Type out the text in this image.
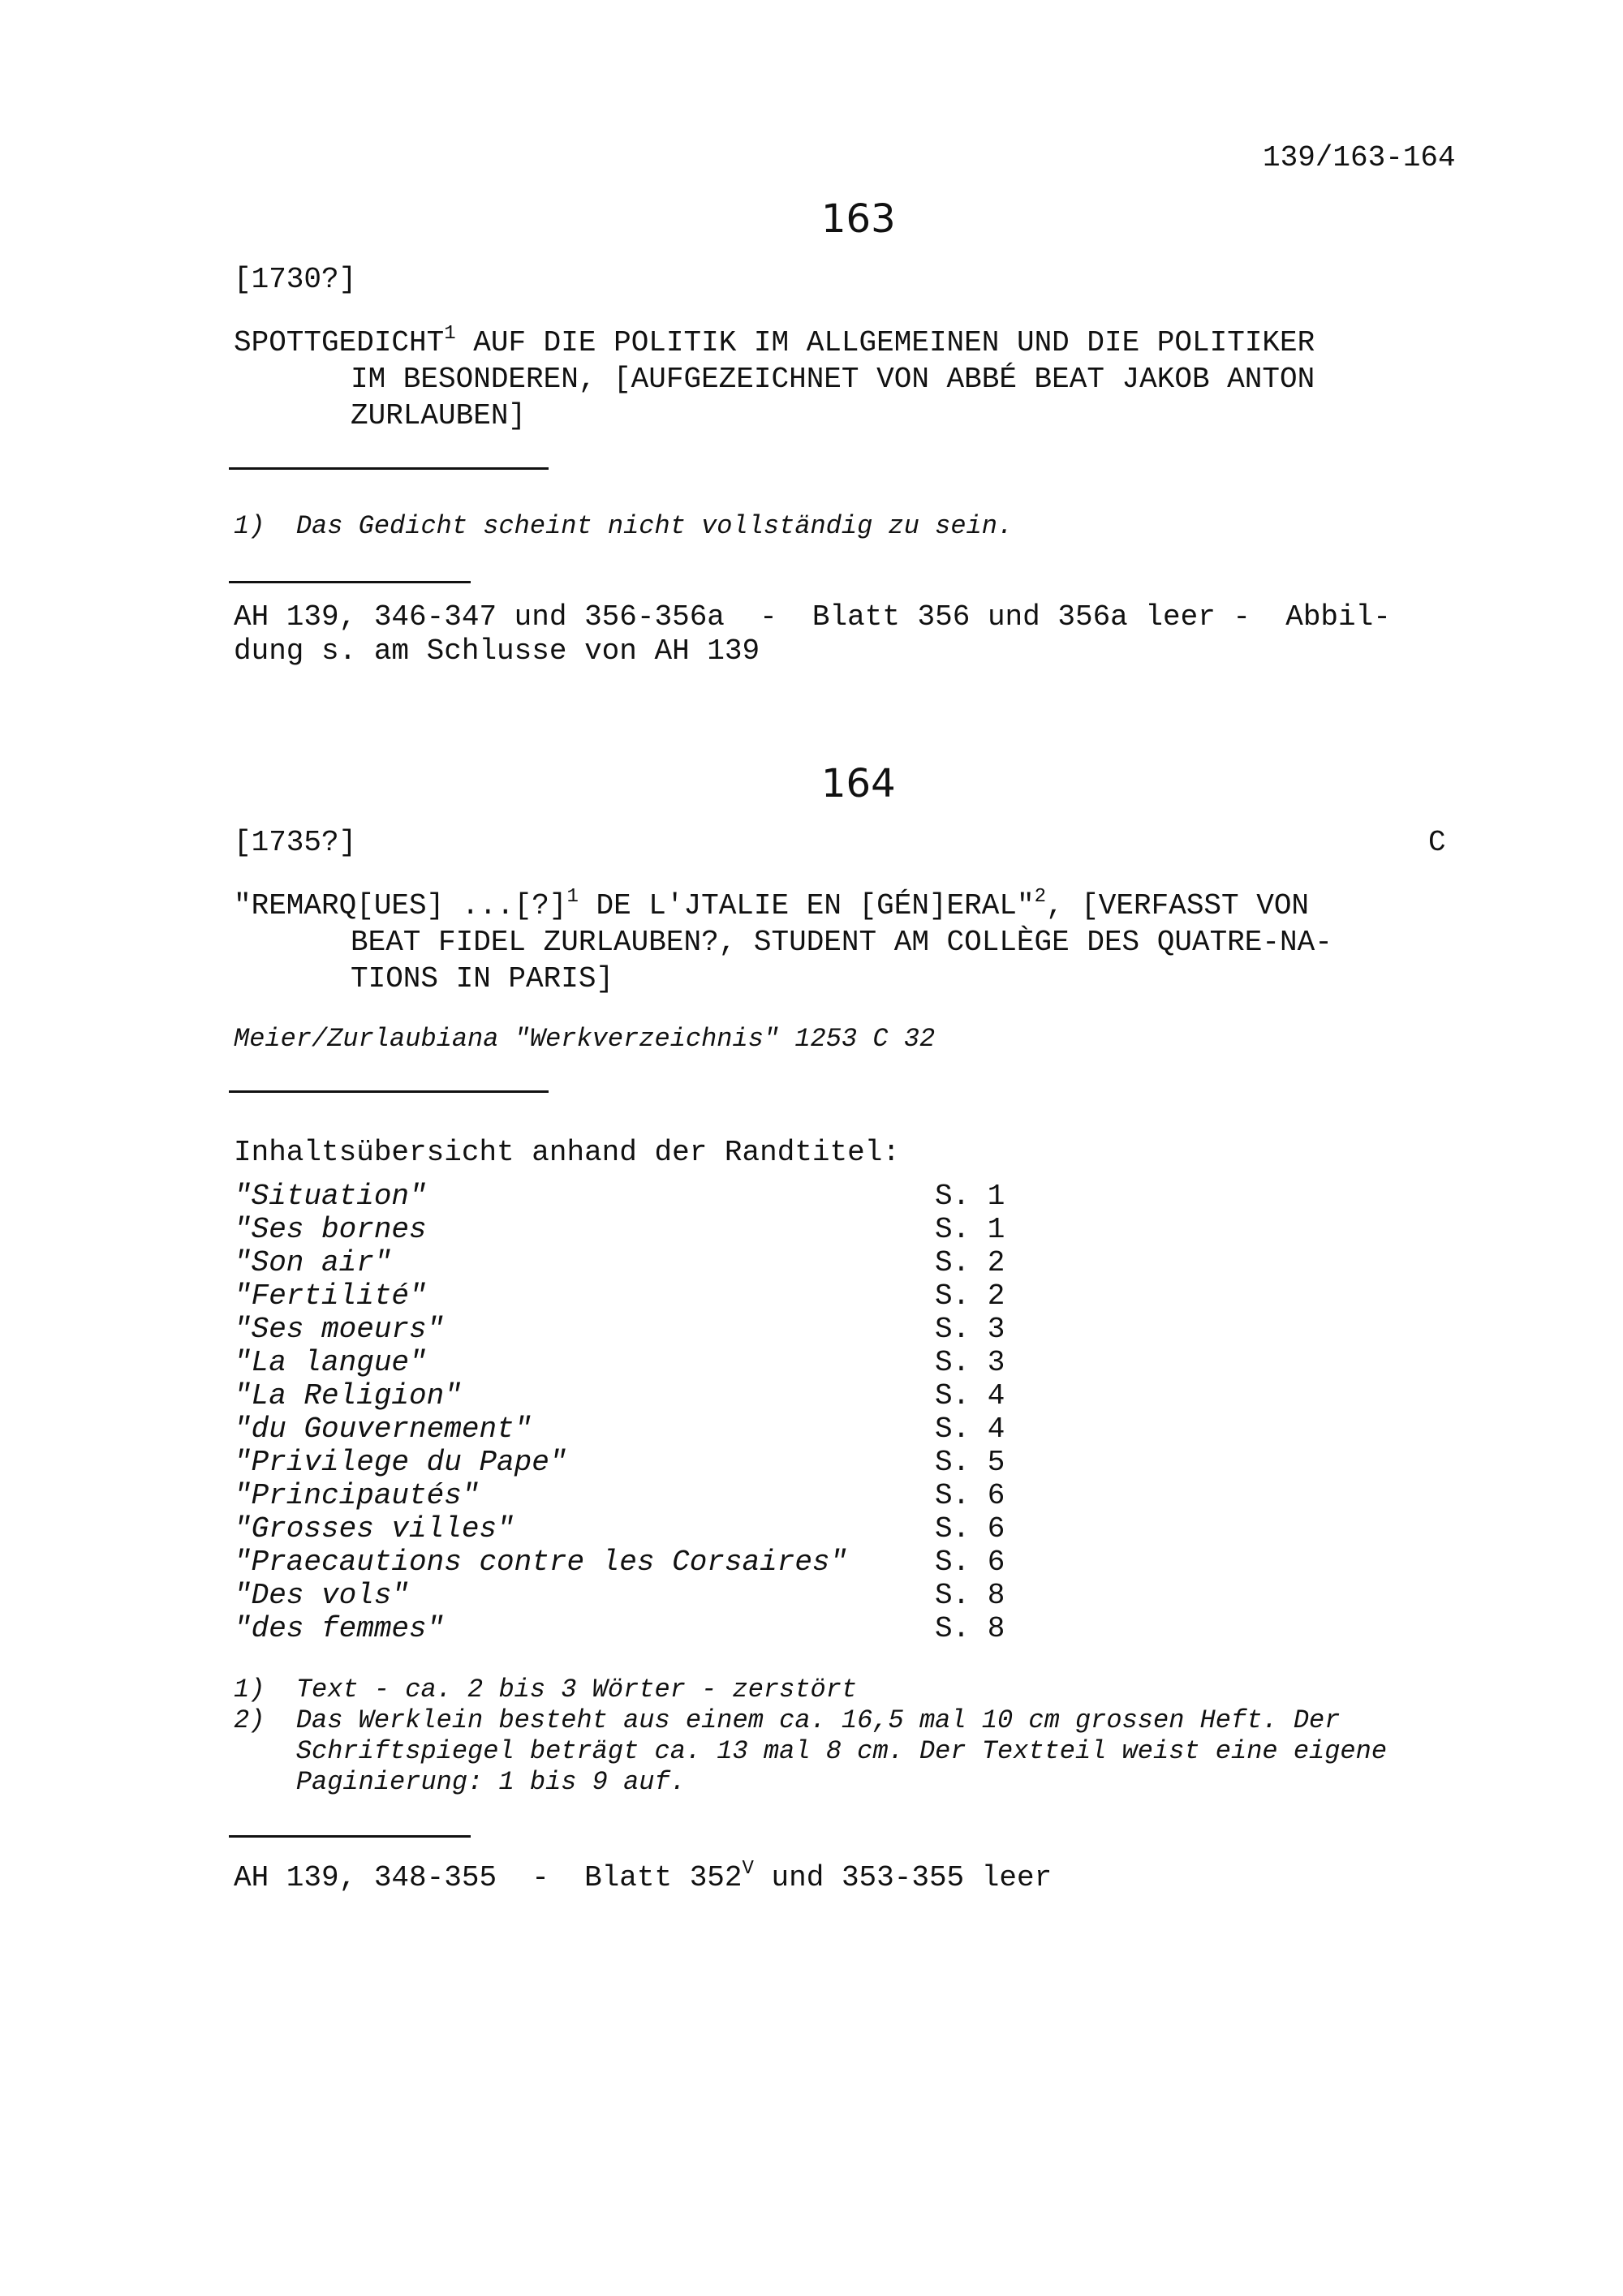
139/163-164
163
[1730?]
SPOTTGEDICHT$^1$ AUF DIE POLITIK IM ALLGEMEINEN UND DIE POLITIKER
IM BESONDEREN, [AUFGEZEICHNET VON ABBÉ BEAT JAKOB ANTON
ZURLAUBEN]
1)  Das Gedicht scheint nicht vollständig zu sein.
AH 139, 346-347 und 356-356a  -  Blatt 356 und 356a leer -  Abbil-
dung s. am Schlusse von AH 139
164
[1735?]	C
"REMARQ[UES] ...[?]$^1$ DE L'JTALIE EN [GÉN]ERAL"$^2$, [VERFASST VON
BEAT FIDEL ZURLAUBEN?, STUDENT AM COLLÈGE DES QUATRE-NA-
TIONS IN PARIS]
Meier/Zurlaubiana "Werkverzeichnis" 1253 C 32
Inhaltsübersicht anhand der Randtitel:
"Situation"	S. 1
"Ses bornes	S. 1
"Son air"	S. 2
"Fertilité"	S. 2
"Ses moeurs"	S. 3
"La langue"	S. 3
"La Religion"	S. 4
"du Gouvernement"	S. 4
"Privilege du Pape"	S. 5
"Principautés"	S. 6
"Grosses villes"	S. 6
"Praecautions contre les Corsaires"	S. 6
"Des vols"	S. 8
"des femmes"	S. 8
1)  Text - ca. 2 bis 3 Wörter - zerstört
2)  Das Werklein besteht aus einem ca. 16,5 mal 10 cm grossen Heft. Der
Schriftspiegel beträgt ca. 13 mal 8 cm. Der Textteil weist eine eigene
Paginierung: 1 bis 9 auf.
AH 139, 348-355  -  Blatt $352^V$ und 353-355 leer
